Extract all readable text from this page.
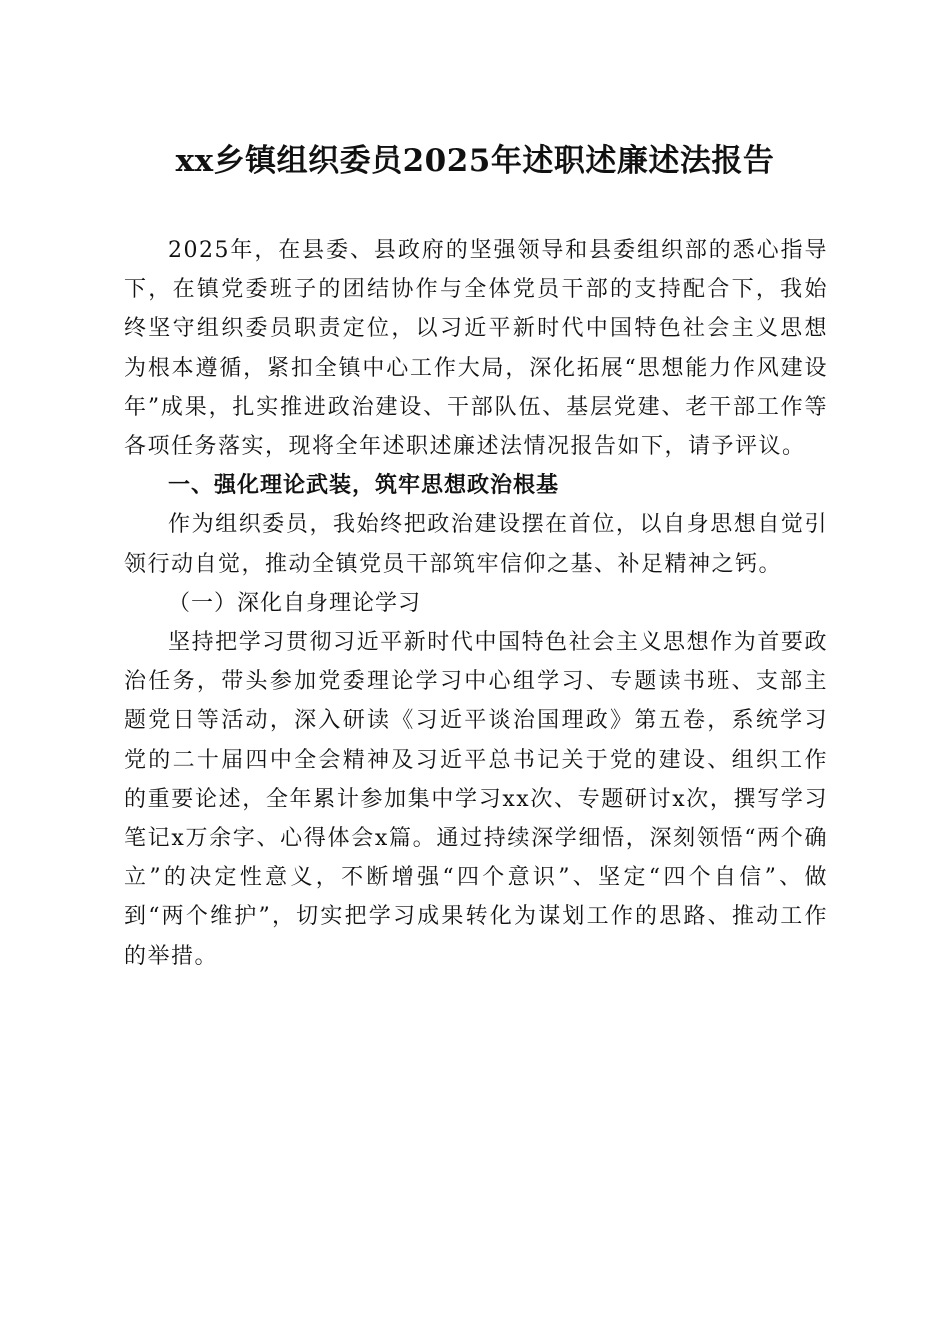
xx乡镇组织委员2025年述职述廉述法报告

2025年，在县委、县政府的坚强领导和县委组织部的悉心指导下，在镇党委班子的团结协作与全体党员干部的支持配合下，我始终坚守组织委员职责定位，以习近平新时代中国特色社会主义思想为根本遵循，紧扣全镇中心工作大局，深化拓展“思想能力作风建设年”成果，扎实推进政治建设、干部队伍、基层党建、老干部工作等各项任务落实，现将全年述职述廉述法情况报告如下，请予评议。

一、强化理论武装，筑牢思想政治根基

作为组织委员，我始终把政治建设摆在首位，以自身思想自觉引领行动自觉，推动全镇党员干部筑牢信仰之基、补足精神之钙。

（一）深化自身理论学习

坚持把学习贯彻习近平新时代中国特色社会主义思想作为首要政治任务，带头参加党委理论学习中心组学习、专题读书班、支部主题党日等活动，深入研读《习近平谈治国理政》第五卷，系统学习党的二十届四中全会精神及习近平总书记关于党的建设、组织工作的重要论述，全年累计参加集中学习xx次、专题研讨x次，撰写学习笔记x万余字、心得体会x篇。通过持续深学细悟，深刻领悟“两个确立”的决定性意义，不断增强“四个意识”、坚定“四个自信”、做到“两个维护”，切实把学习成果转化为谋划工作的思路、推动工作的举措。
